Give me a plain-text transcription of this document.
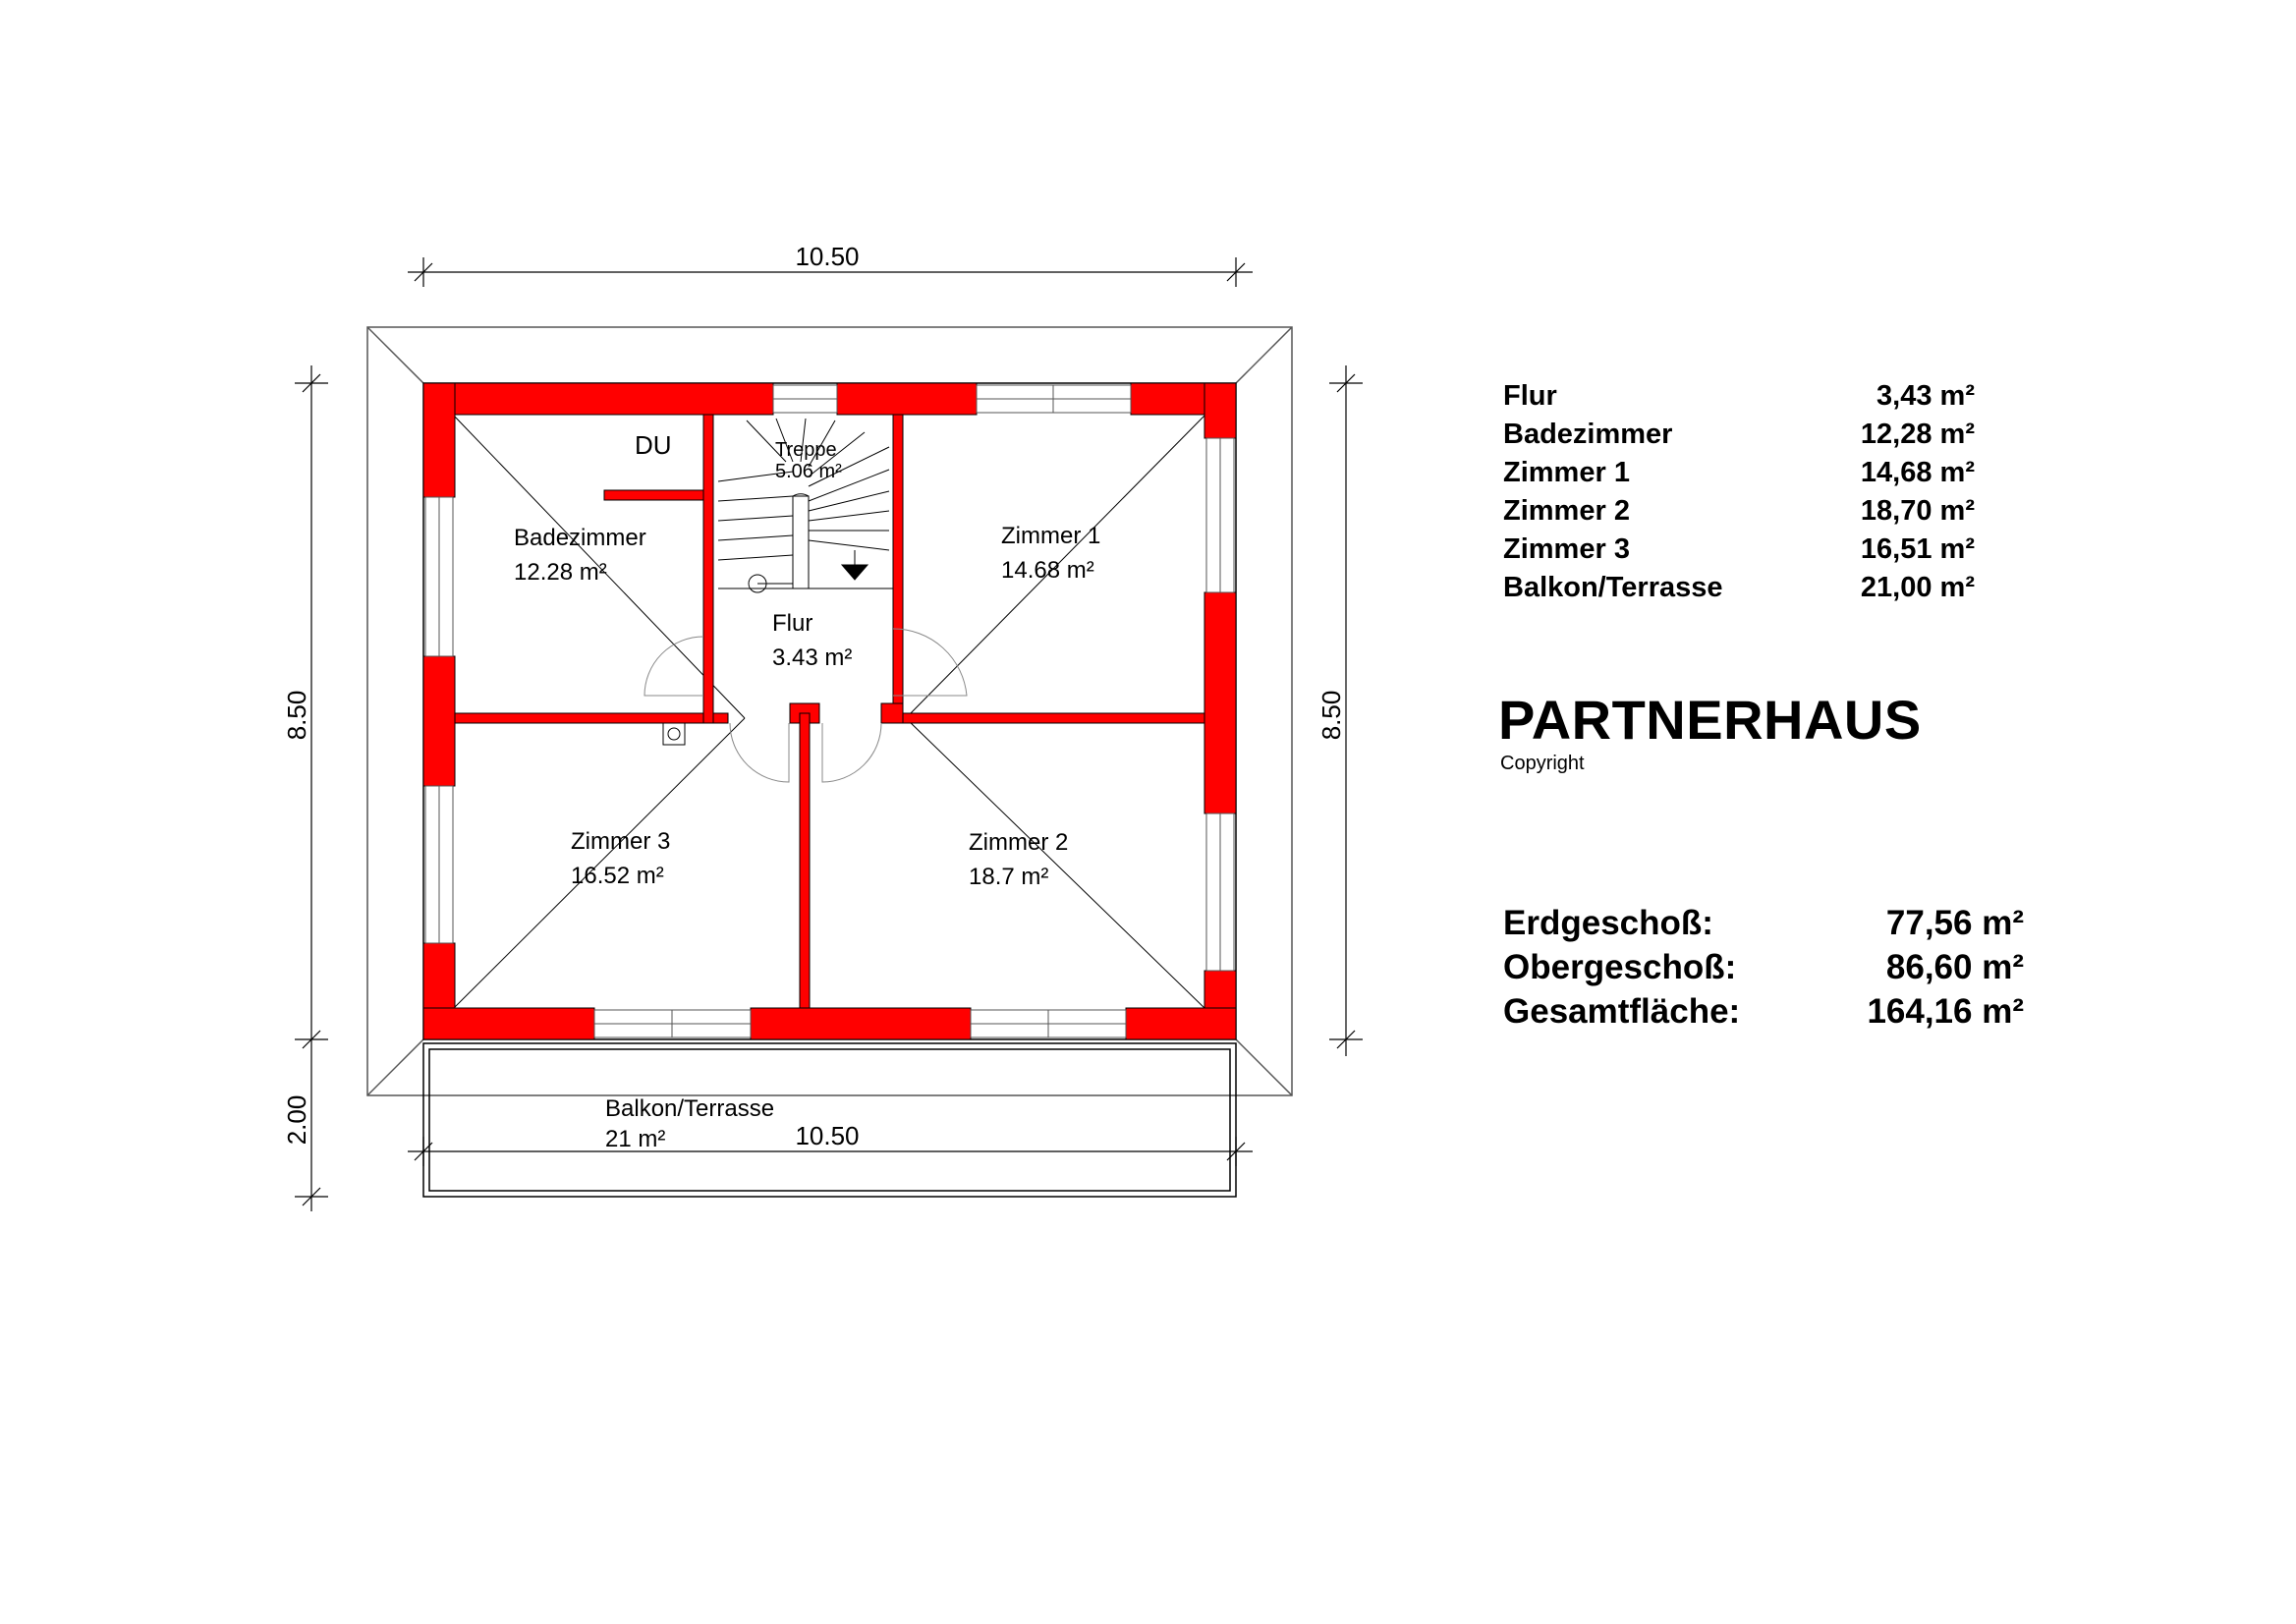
10.50
8.50	8.50
2.00	10.50
DU	Treppe
5.06 m²
Badezimmer
12.28 m²
Zimmer 1
14.68 m²
Flur
3.43 m²
Zimmer 3
16.52 m²
Zimmer 2
18.7 m²
Balkon/Terrasse
21 m²
Flur	3,43 m²
Badezimmer	12,28 m²
Zimmer 1	14,68 m²
Zimmer 2	18,70 m²
Zimmer 3	16,51 m²
Balkon/Terrasse	21,00 m²
PARTNERHAUS
Copyright
Erdgeschoß:	77,56 m²
Obergeschoß:	86,60 m²
Gesamtfläche:	164,16 m²
